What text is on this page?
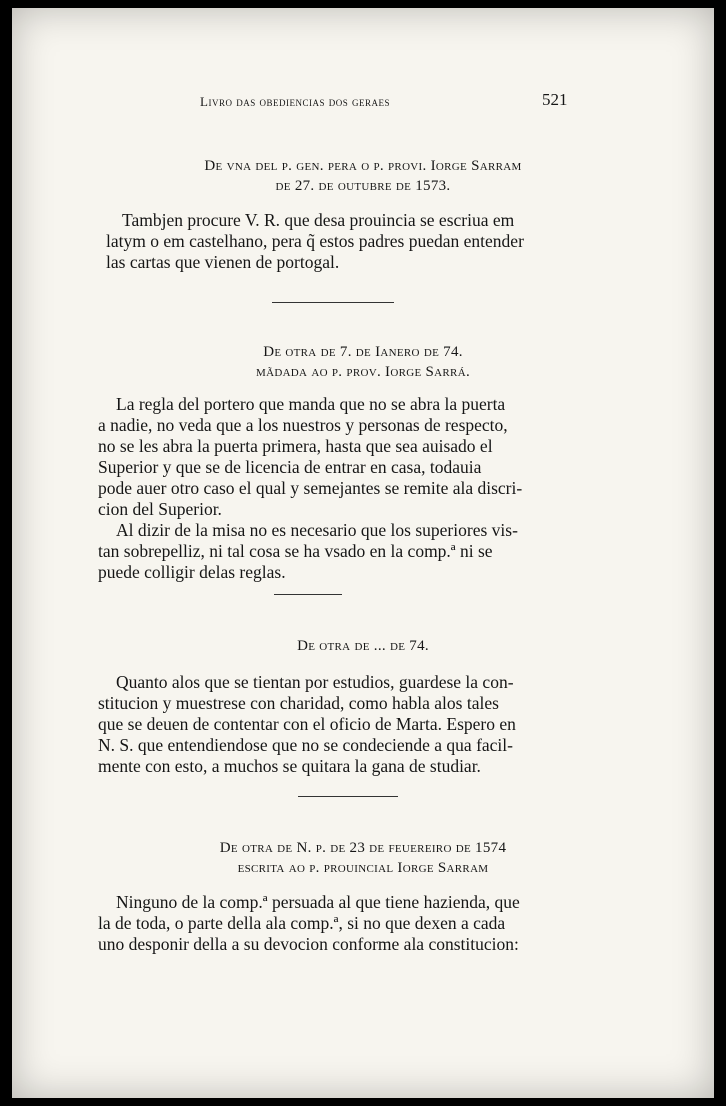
Livro das obediencias dos geraes	521
De vna del p. gen. pera o p. provi. Iorge Sarram
de 27. de outubre de 1573.
Tambjen procure V. R. que desa prouincia se escriua em
latym o em castelhano, pera q̃ estos padres puedan entender
las cartas que vienen de portogal.
De otra de 7. de Ianero de 74.
mãdada ao p. prov. Iorge Sarrá.
La regla del portero que manda que no se abra la puerta
a nadie, no veda que a los nuestros y personas de respecto,
no se les abra la puerta primera, hasta que sea auisado el
Superior y que se de licencia de entrar en casa, todauia
pode auer otro caso el qual y semejantes se remite ala discri-
cion del Superior.
Al dizir de la misa no es necesario que los superiores vis-
tan sobrepelliz, ni tal cosa se ha vsado en la comp.ª ni se
puede colligir delas reglas.
De otra de ... de 74.
Quanto alos que se tientan por estudios, guardese la con-
stitucion y muestrese con charidad, como habla alos tales
que se deuen de contentar con el oficio de Marta. Espero en
N. S. que entendiendose que no se condeciende a qua facil-
mente con esto, a muchos se quitara la gana de studiar.
De otra de N. p. de 23 de feuereiro de 1574
escrita ao p. prouincial Iorge Sarram
Ninguno de la comp.ª persuada al que tiene hazienda, que
la de toda, o parte della ala comp.ª, si no que dexen a cada
uno desponir della a su devocion conforme ala constitucion:
